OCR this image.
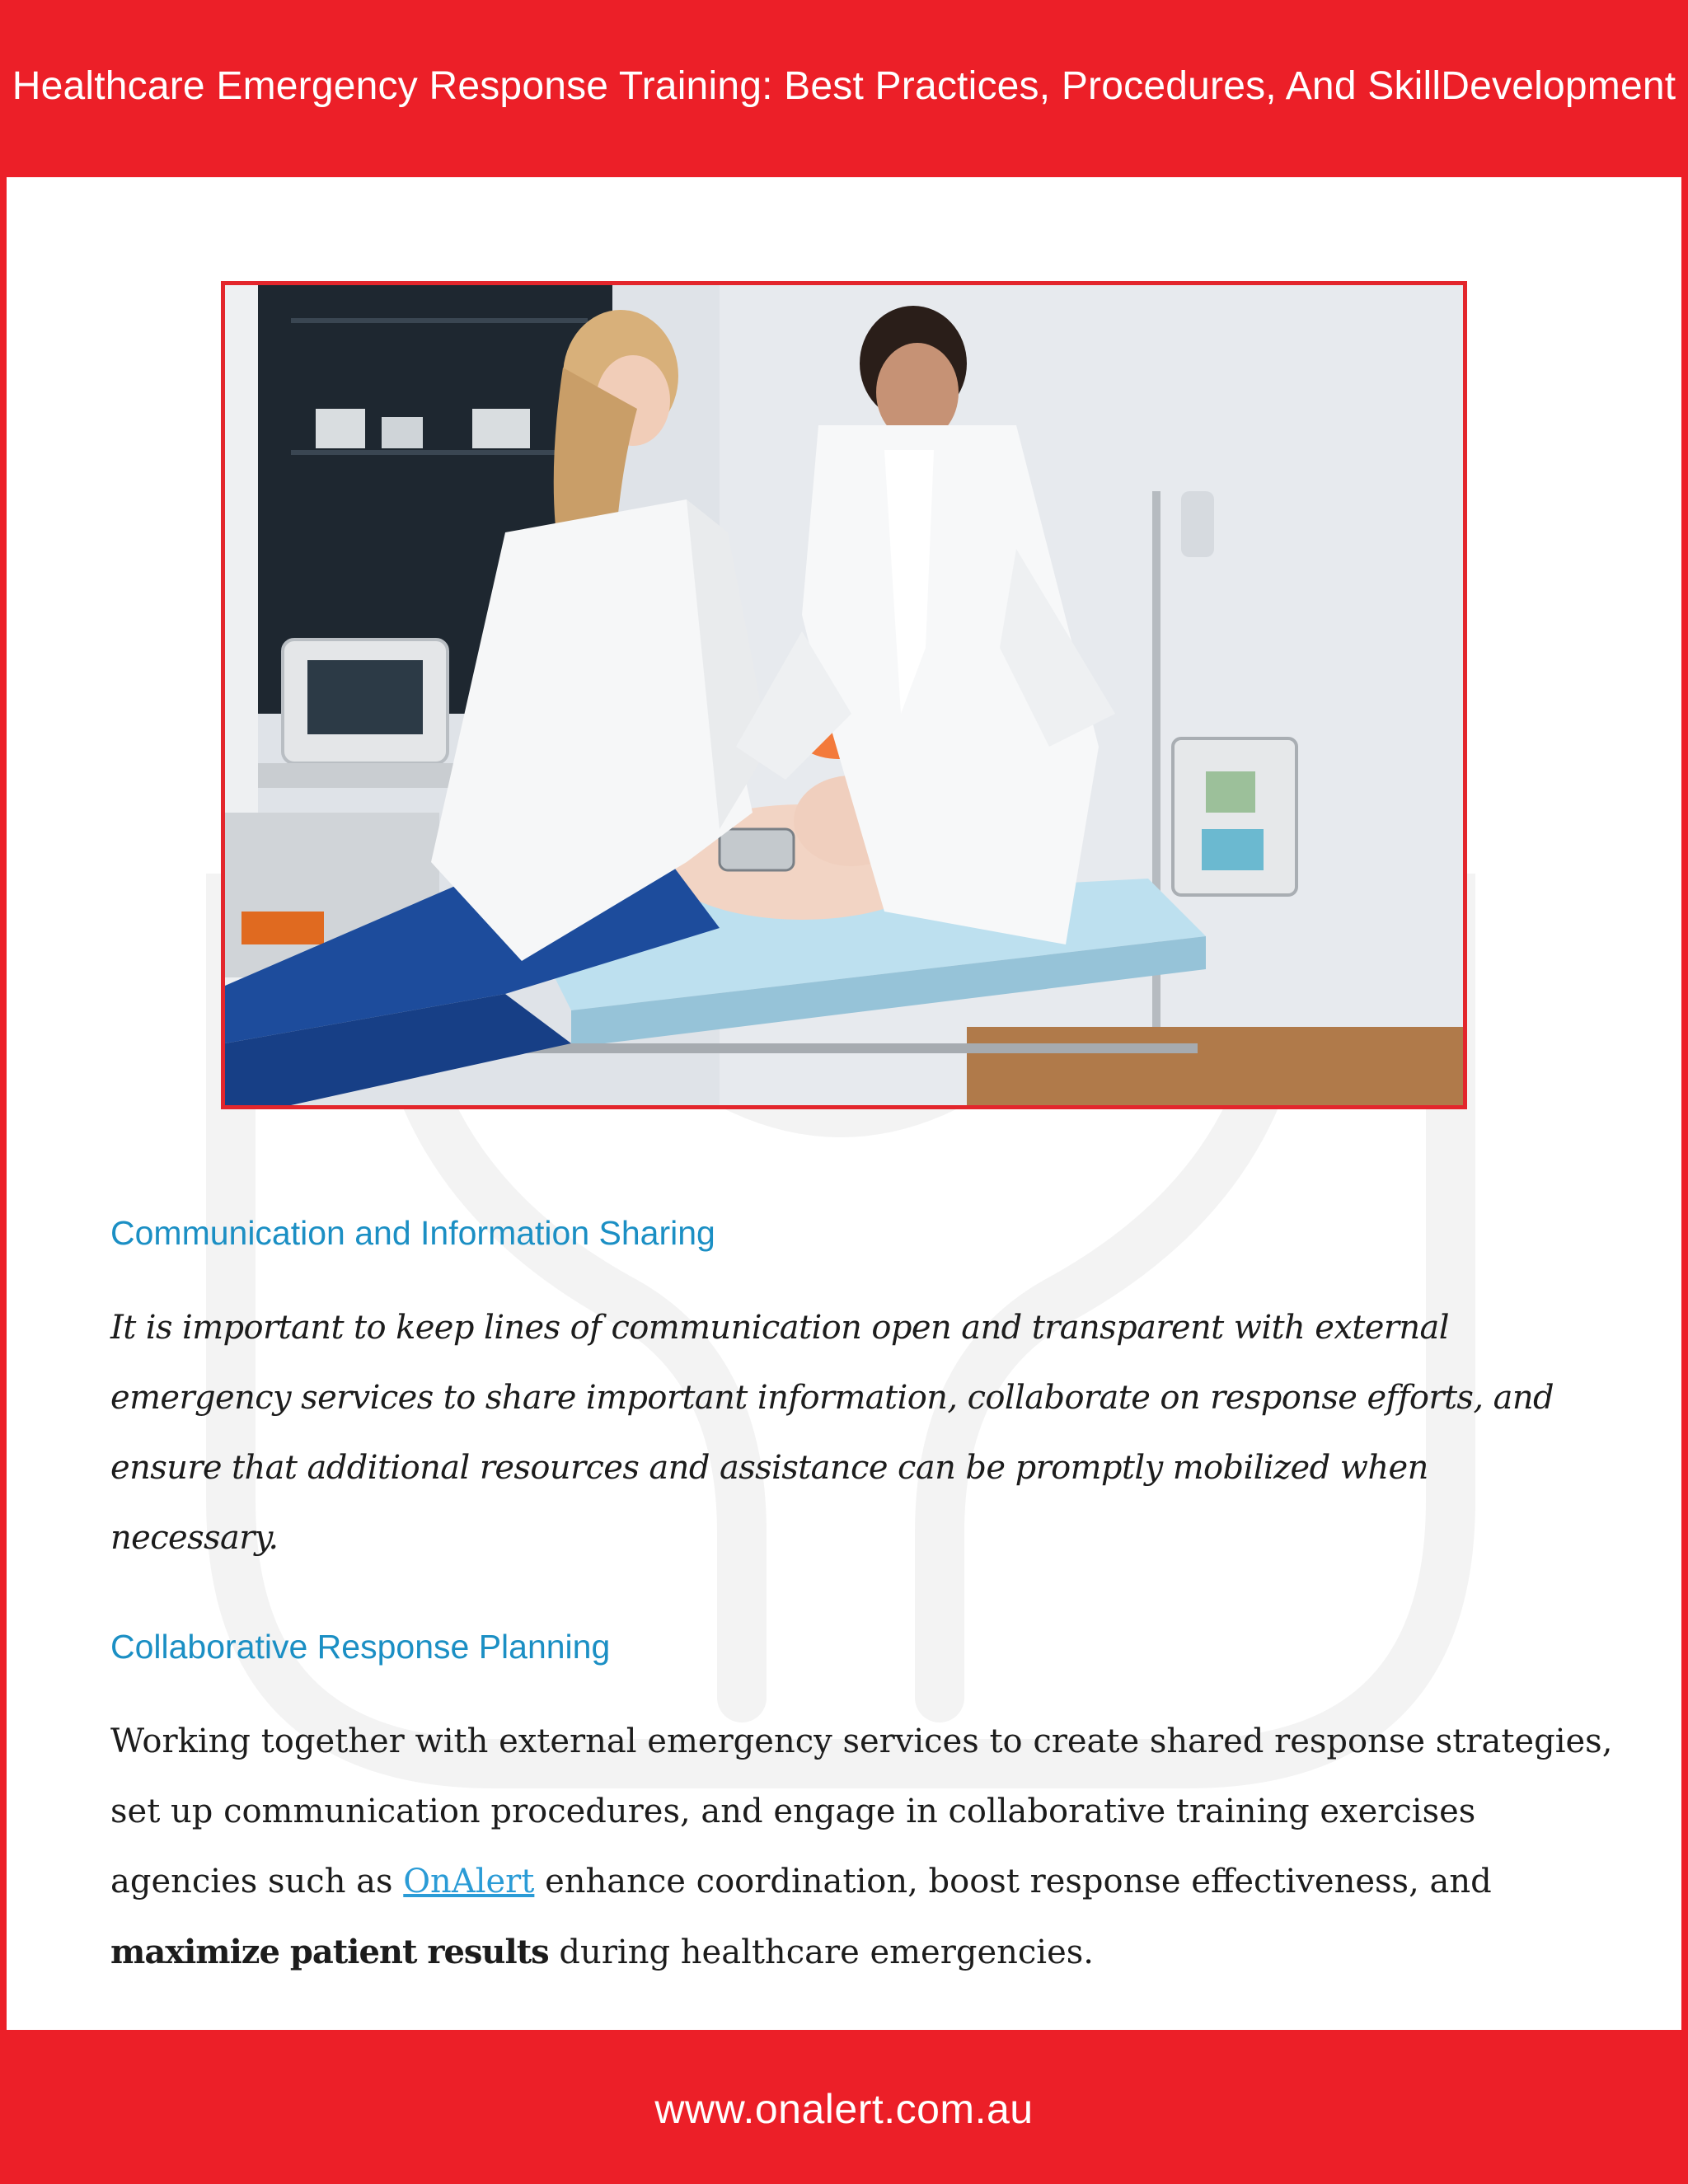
Healthcare Emergency Response Training: Best Practices, Procedures, And SkillDevelopment
Communication and Information Sharing
It is important to keep lines of communication open and transparent with external
emergency services to share important information, collaborate on response efforts, and
ensure that additional resources and assistance can be promptly mobilized when
necessary.
Collaborative Response Planning
Working together with external emergency services to create shared response strategies,
set up communication procedures, and engage in collaborative training exercises
agencies such as OnAlert enhance coordination, boost response effectiveness, and
maximize patient results during healthcare emergencies.
www.onalert.com.au
